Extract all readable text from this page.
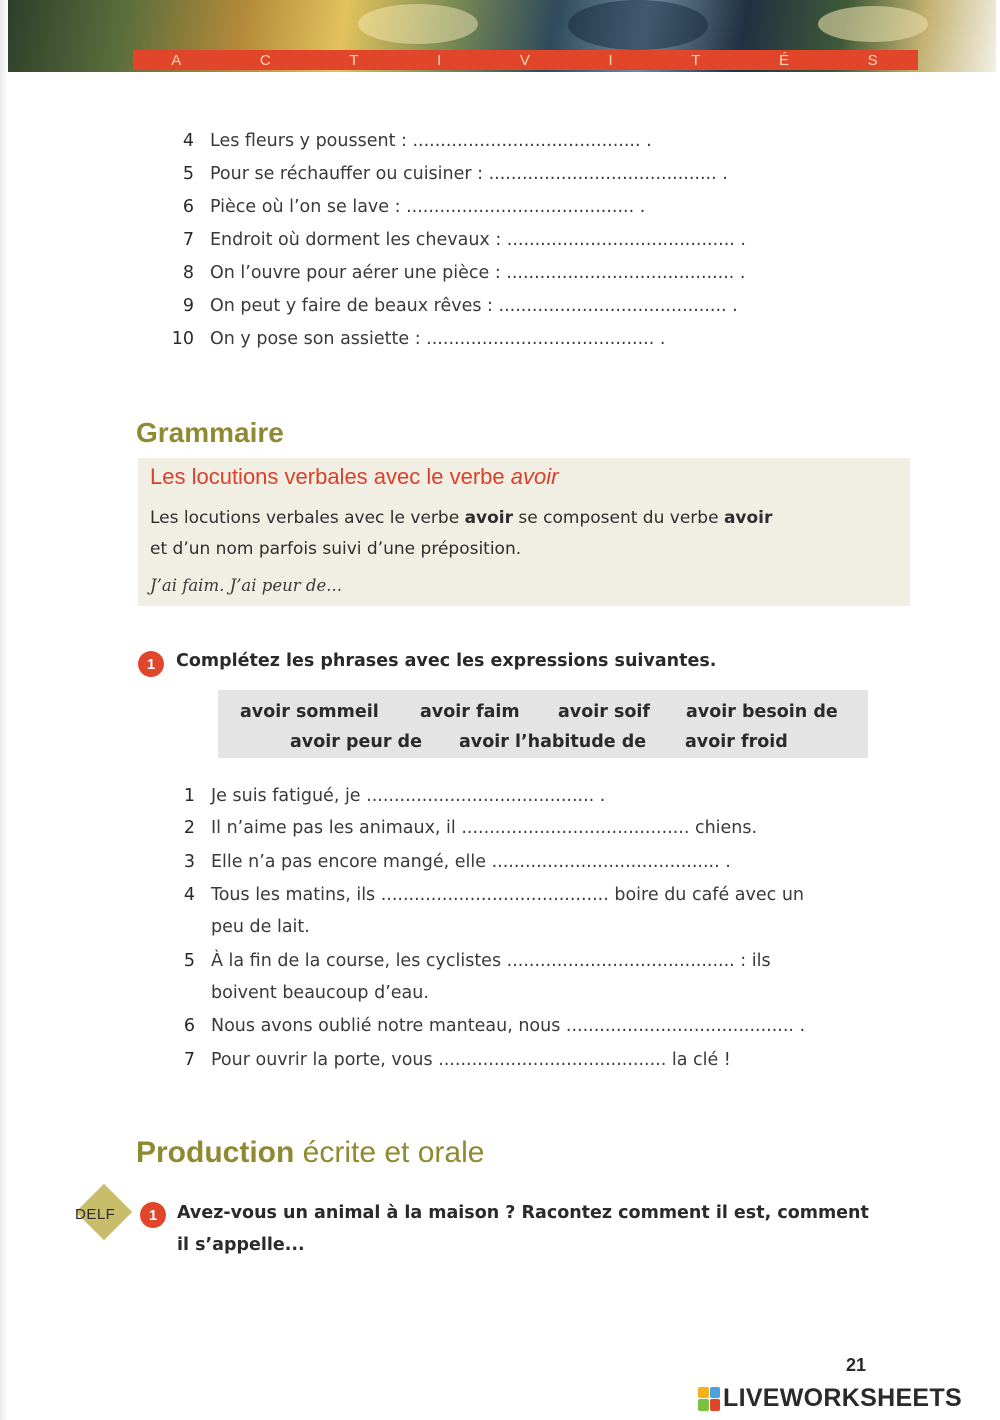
A	C	T	I	V	I	T	É	S
4 Les fleurs y poussent : ......................................... .
5 Pour se réchauffer ou cuisiner : ......................................... .
6 Pièce où l’on se lave : ......................................... .
7 Endroit où dorment les chevaux : ......................................... .
8 On l’ouvre pour aérer une pièce : ......................................... .
9 On peut y faire de beaux rêves : ......................................... .
10 On y pose son assiette : ......................................... .
Grammaire
Les locutions verbales avec le verbe avoir
Les locutions verbales avec le verbe avoir se composent du verbe avoir
et d’un nom parfois suivi d’une préposition.
J’ai faim. J’ai peur de...
1	Complétez les phrases avec les expressions suivantes.
avoir sommeil avoir faim avoir soif avoir besoin de
avoir peur de avoir l’habitude de avoir froid
1 Je suis fatigué, je ......................................... .
2 Il n’aime pas les animaux, il ......................................... chiens.
3 Elle n’a pas encore mangé, elle ......................................... .
4 Tous les matins, ils ......................................... boire du café avec un
peu de lait.
5 À la fin de la course, les cyclistes ......................................... : ils
boivent beaucoup d’eau.
6 Nous avons oublié notre manteau, nous ......................................... .
7 Pour ouvrir la porte, vous ......................................... la clé !
Production écrite et orale
DELF	1	Avez-vous un animal à la maison ? Racontez comment il est, comment
il s’appelle...
21
LIVEWORKSHEETS
